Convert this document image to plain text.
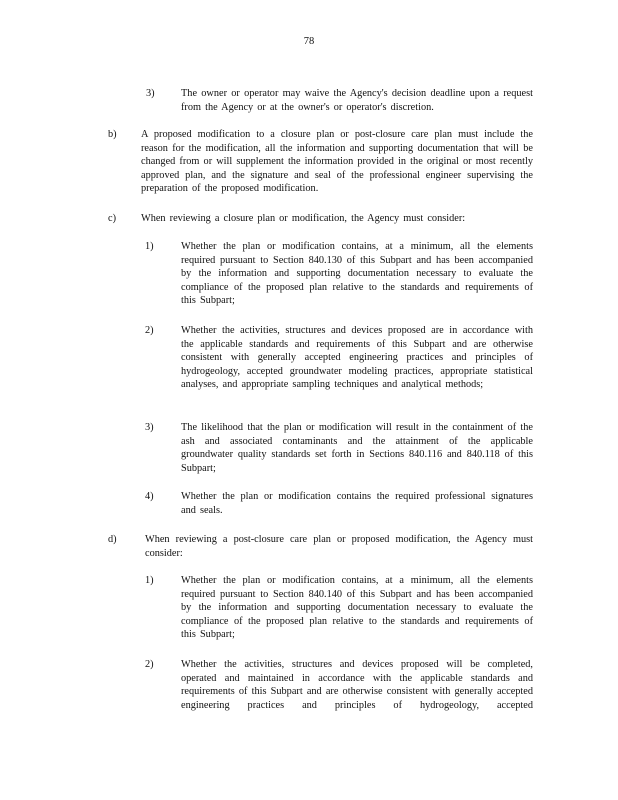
78
3)	The owner or operator may waive the Agency's decision deadline upon a request from the Agency or at the owner's or operator's discretion.
b) A proposed modification to a closure plan or post-closure care plan must include the reason for the modification, all the information and supporting documentation that will be changed from or will supplement the information provided in the original or most recently approved plan, and the signature and seal of the professional engineer supervising the preparation of the proposed modification.
c) When reviewing a closure plan or modification, the Agency must consider:
1)	Whether the plan or modification contains, at a minimum, all the elements required pursuant to Section 840.130 of this Subpart and has been accompanied by the information and supporting documentation necessary to evaluate the compliance of the proposed plan relative to the standards and requirements of this Subpart;
2)	Whether the activities, structures and devices proposed are in accordance with the applicable standards and requirements of this Subpart and are otherwise consistent with generally accepted engineering practices and principles of hydrogeology, accepted groundwater modeling practices, appropriate statistical analyses, and appropriate sampling techniques and analytical methods;
3)	The likelihood that the plan or modification will result in the containment of the ash and associated contaminants and the attainment of the applicable groundwater quality standards set forth in Sections 840.116 and 840.118 of this Subpart;
4)	Whether the plan or modification contains the required professional signatures and seals.
d)	When reviewing a post-closure care plan or proposed modification, the Agency must consider:
1)	Whether the plan or modification contains, at a minimum, all the elements required pursuant to Section 840.140 of this Subpart and has been accompanied by the information and supporting documentation necessary to evaluate the compliance of the proposed plan relative to the standards and requirements of this Subpart;
2)	Whether the activities, structures and devices proposed will be completed, operated and maintained in accordance with the applicable standards and requirements of this Subpart and are otherwise consistent with generally accepted engineering practices and principles of hydrogeology, accepted
